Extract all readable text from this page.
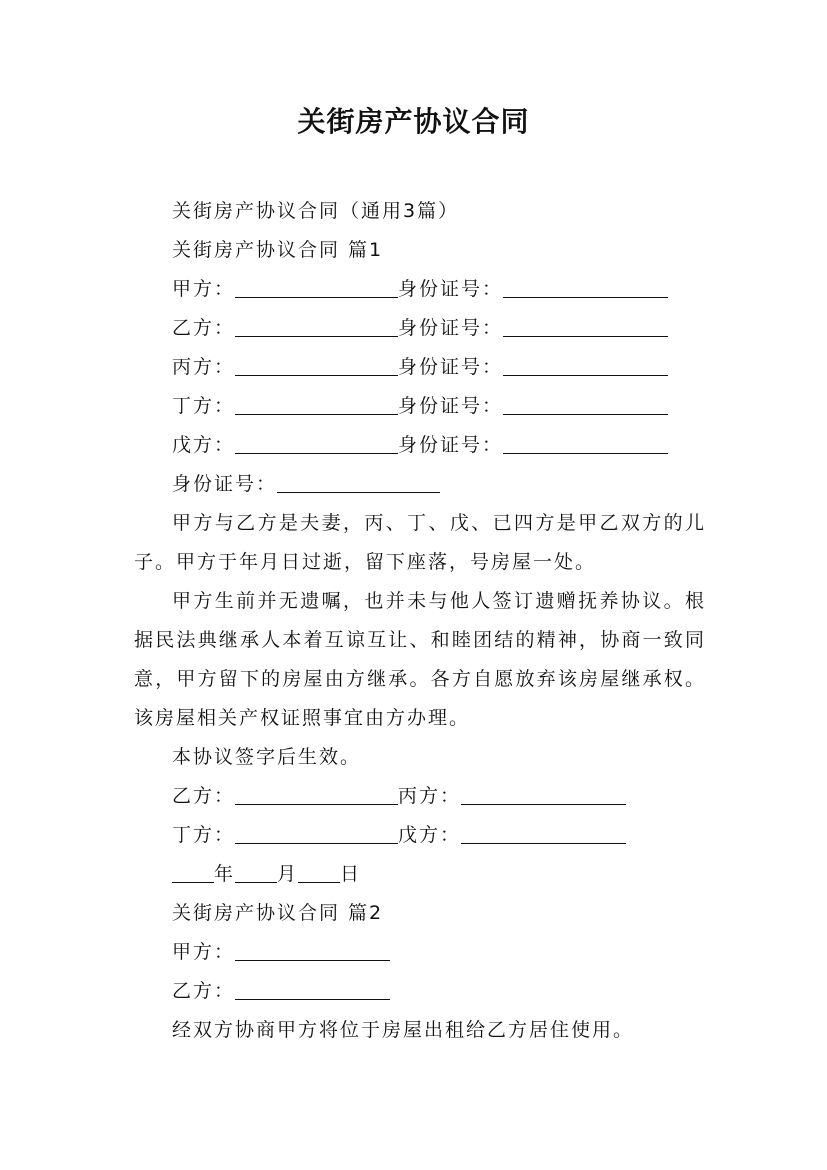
关街房产协议合同
关街房产协议合同（通用3篇）
关街房产协议合同 篇1
甲方：	身份证号：
乙方：	身份证号：
丙方：	身份证号：
丁方：	身份证号：
戊方：	身份证号：
身份证号：

甲方与乙方是夫妻，丙、丁、戊、已四方是甲乙双方的儿子。甲方于年月日过逝，留下座落，号房屋一处。

甲方生前并无遗嘱，也并未与他人签订遗赠抚养协议。根据民法典继承人本着互谅互让、和睦团结的精神，协商一致同意，甲方留下的房屋由方继承。各方自愿放弃该房屋继承权。该房屋相关产权证照事宜由方办理。

本协议签字后生效。
乙方：	丙方：
丁方：	戊方：
年 月 日
关街房产协议合同 篇2
甲方：
乙方：
经双方协商甲方将位于房屋出租给乙方居住使用。
